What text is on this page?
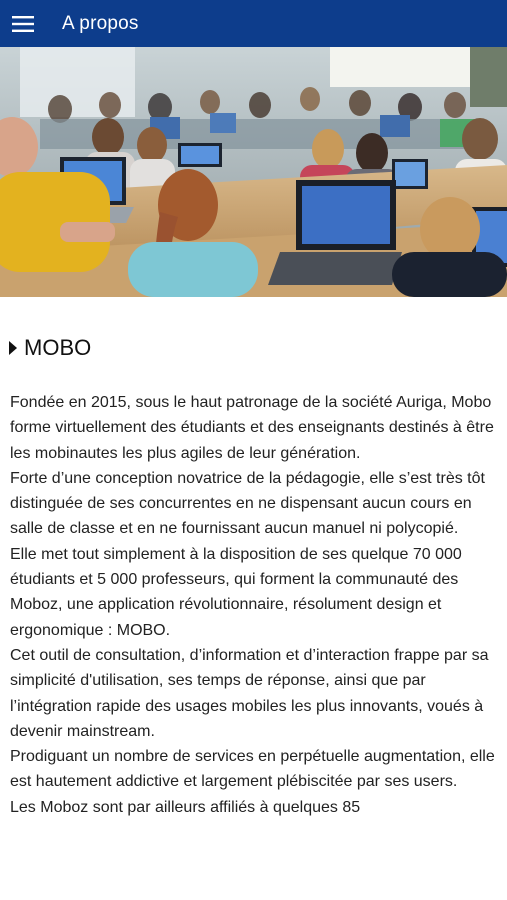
A propos
MOBO

Fondée en 2015, sous le haut patronage de la société Auriga, Mobo forme virtuellement des étudiants et des enseignants destinés à être les mobinautes les plus agiles de leur génération.

Forte d’une conception novatrice de la pédagogie, elle s’est très tôt distinguée de ses concurrentes en ne dispensant aucun cours en salle de classe et en ne fournissant aucun manuel ni polycopié.

Elle met tout simplement à la disposition de ses quelque 70 000 étudiants et 5 000 professeurs, qui forment la communauté des Moboz, une application révolutionnaire, résolument design et ergonomique : MOBO.

Cet outil de consultation, d’information et d’interaction frappe par sa simplicité d'utilisation, ses temps de réponse, ainsi que par l’intégration rapide des usages mobiles les plus innovants, voués à devenir mainstream.

Prodiguant un nombre de services en perpétuelle augmentation, elle est hautement addictive et largement plébiscitée par ses users.

Les Moboz sont par ailleurs affiliés à quelques 85
